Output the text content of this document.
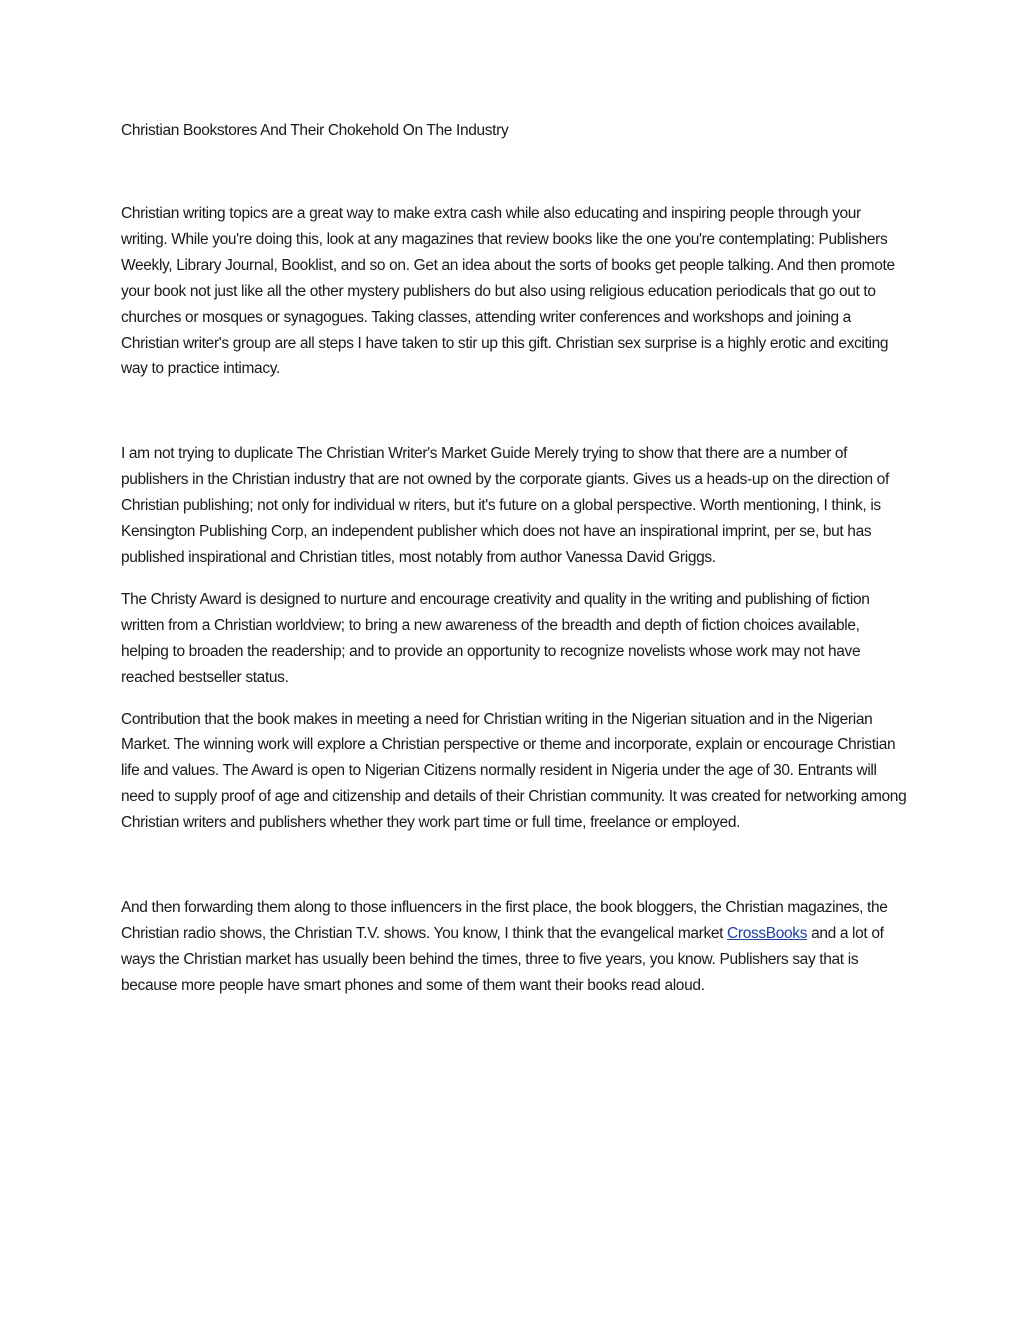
Christian Bookstores And Their Chokehold On The Industry

Christian writing topics are a great way to make extra cash while also educating and inspiring people through your writing. While you're doing this, look at any magazines that review books like the one you're contemplating: Publishers Weekly, Library Journal, Booklist, and so on. Get an idea about the sorts of books get people talking. And then promote your book not just like all the other mystery publishers do but also using religious education periodicals that go out to churches or mosques or synagogues. Taking classes, attending writer conferences and workshops and joining a Christian writer's group are all steps I have taken to stir up this gift. Christian sex surprise is a highly erotic and exciting way to practice intimacy.

I am not trying to duplicate The Christian Writer's Market Guide Merely trying to show that there are a number of publishers in the Christian industry that are not owned by the corporate giants. Gives us a heads-up on the direction of Christian publishing; not only for individual w riters, but it's future on a global perspective. Worth mentioning, I think, is Kensington Publishing Corp, an independent publisher which does not have an inspirational imprint, per se, but has published inspirational and Christian titles, most notably from author Vanessa David Griggs.

The Christy Award is designed to nurture and encourage creativity and quality in the writing and publishing of fiction written from a Christian worldview; to bring a new awareness of the breadth and depth of fiction choices available, helping to broaden the readership; and to provide an opportunity to recognize novelists whose work may not have reached bestseller status.

Contribution that the book makes in meeting a need for Christian writing in the Nigerian situation and in the Nigerian Market. The winning work will explore a Christian perspective or theme and incorporate, explain or encourage Christian life and values. The Award is open to Nigerian Citizens normally resident in Nigeria under the age of 30. Entrants will need to supply proof of age and citizenship and details of their Christian community. It was created for networking among Christian writers and publishers whether they work part time or full time, freelance or employed.

And then forwarding them along to those influencers in the first place, the book bloggers, the Christian magazines, the Christian radio shows, the Christian T.V. shows. You know, I think that the evangelical market CrossBooks and a lot of ways the Christian market has usually been behind the times, three to five years, you know. Publishers say that is because more people have smart phones and some of them want their books read aloud.
